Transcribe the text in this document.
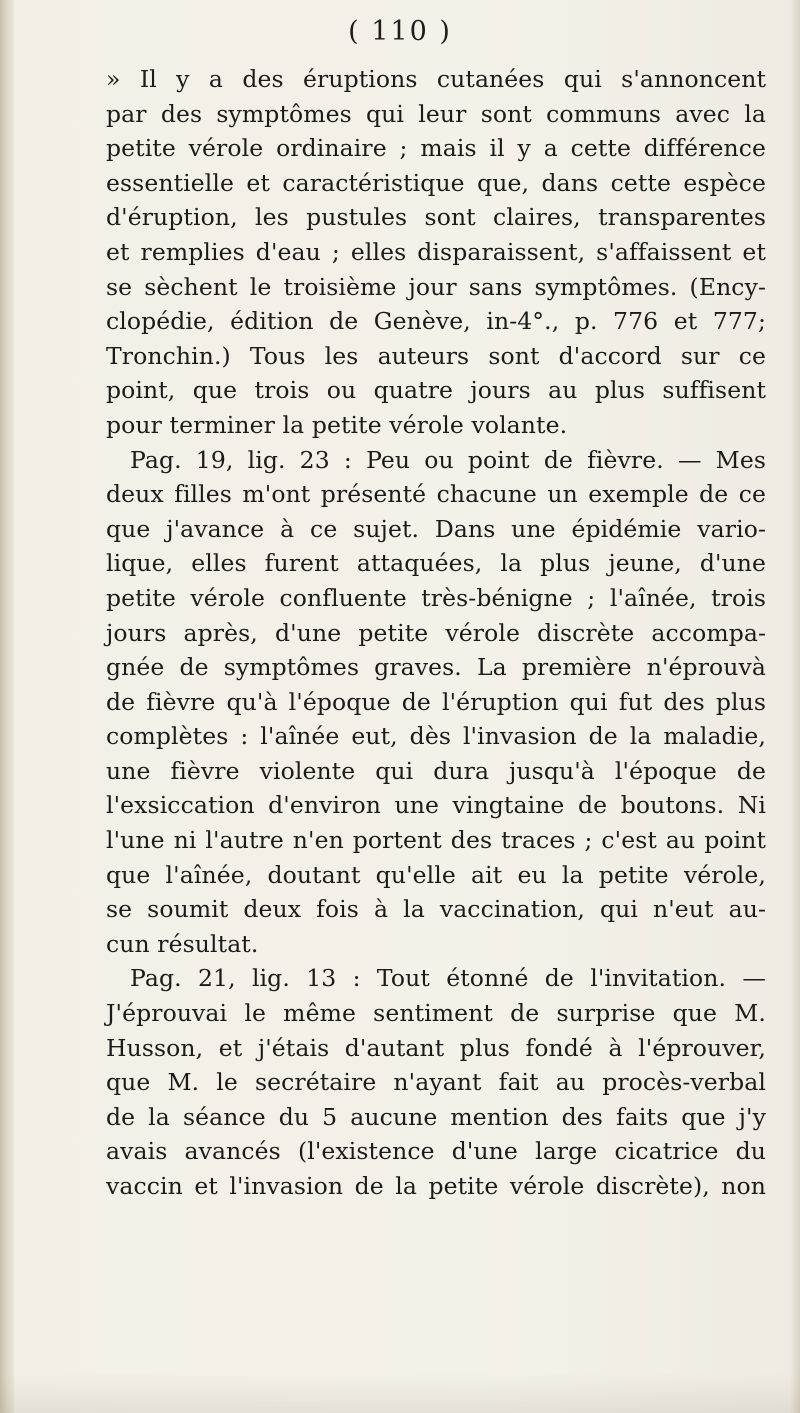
( 110 )
» Il y a des éruptions cutanées qui s'annoncent
par des symptômes qui leur sont communs avec la
petite vérole ordinaire ; mais il y a cette différence
essentielle et caractéristique que, dans cette espèce
d'éruption, les pustules sont claires, transparentes
et remplies d'eau ; elles disparaissent, s'affaissent et
se sèchent le troisième jour sans symptômes. (Ency-
clopédie, édition de Genève, in-4°., p. 776 et 777;
Tronchin.) Tous les auteurs sont d'accord sur ce
point, que trois ou quatre jours au plus suffisent
pour terminer la petite vérole volante.
Pag. 19, lig. 23 : Peu ou point de fièvre. — Mes
deux filles m'ont présenté chacune un exemple de ce
que j'avance à ce sujet. Dans une épidémie vario-
lique, elles furent attaquées, la plus jeune, d'une
petite vérole confluente très-bénigne ; l'aînée, trois
jours après, d'une petite vérole discrète accompa-
gnée de symptômes graves. La première n'éprouvà
de fièvre qu'à l'époque de l'éruption qui fut des plus
complètes : l'aînée eut, dès l'invasion de la maladie,
une fièvre violente qui dura jusqu'à l'époque de
l'exsiccation d'environ une vingtaine de boutons. Ni
l'une ni l'autre n'en portent des traces ; c'est au point
que l'aînée, doutant qu'elle ait eu la petite vérole,
se soumit deux fois à la vaccination, qui n'eut au-
cun résultat.
Pag. 21, lig. 13 : Tout étonné de l'invitation. —
J'éprouvai le même sentiment de surprise que M.
Husson, et j'étais d'autant plus fondé à l'éprouver,
que M. le secrétaire n'ayant fait au procès-verbal
de la séance du 5 aucune mention des faits que j'y
avais avancés (l'existence d'une large cicatrice du
vaccin et l'invasion de la petite vérole discrète), non
